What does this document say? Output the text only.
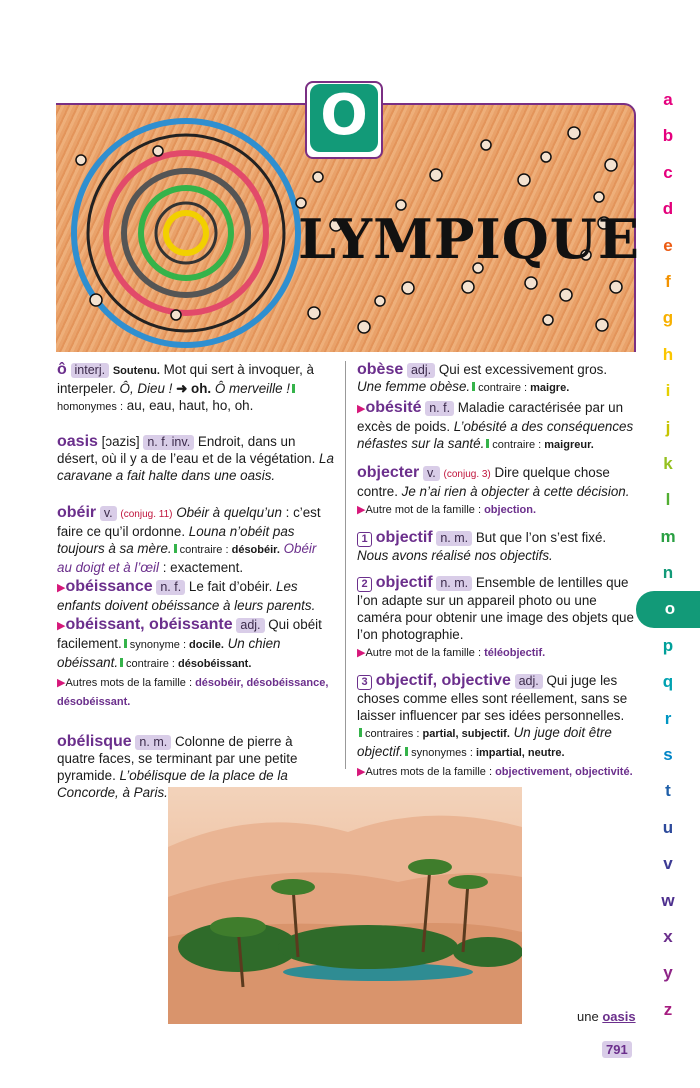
LYMPIQUE
O
ô interj. Soutenu. Mot qui sert à invoquer, à interpeler. Ô, Dieu ! ➜ oh. Ô merveille !homonymes : au, eau, haut, ho, oh.
oasis [ɔazis] n. f. inv. Endroit, dans un désert, où il y a de l’eau et de la végétation. La caravane a fait halte dans une oasis.
obéir v. (conjug. 11) Obéir à quelqu’un : c’est faire ce qu’il ordonne. Louna n’obéit pas toujours à sa mère. contraire : désobéir. Obéir au doigt et à l’œil : exactement.
▶obéissance n. f. Le fait d’obéir. Les enfants doivent obéissance à leurs parents.
▶obéissant, obéissante adj. Qui obéit facilement. synonyme : docile. Un chien obéissant. contraire : désobéissant.
▶Autres mots de la famille : désobéir, désobéissance, désobéissant.
obélisque n. m. Colonne de pierre à quatre faces, se terminant par une petite pyramide. L’obélisque de la place de la Concorde, à Paris.
obèse adj. Qui est excessivement gros. Une femme obèse. contraire : maigre.
▶obésité n. f. Maladie caractérisée par un excès de poids. L’obésité a des conséquences néfastes sur la santé. contraire : maigreur.
objecter v. (conjug. 3) Dire quelque chose contre. Je n’ai rien à objecter à cette décision.
▶Autre mot de la famille : objection.
1 objectif n. m. But que l’on s’est fixé. Nous avons réalisé nos objectifs.
2 objectif n. m. Ensemble de lentilles que l’on adapte sur un appareil photo ou une caméra pour obtenir une image des objets que l’on photographie.
▶Autre mot de la famille : téléobjectif.
3 objectif, objective adj. Qui juge les choses comme elles sont réellement, sans se laisser influencer par ses idées personnelles.
contraires : partial, subjectif. Un juge doit être objectif. synonymes : impartial, neutre.
▶Autres mots de la famille : objectivement, objectivité.
une oasis
791
a
b
c
d
e
f
g
h
i
j
k
l
m
n
o
p
q
r
s
t
u
v
w
x
y
z
